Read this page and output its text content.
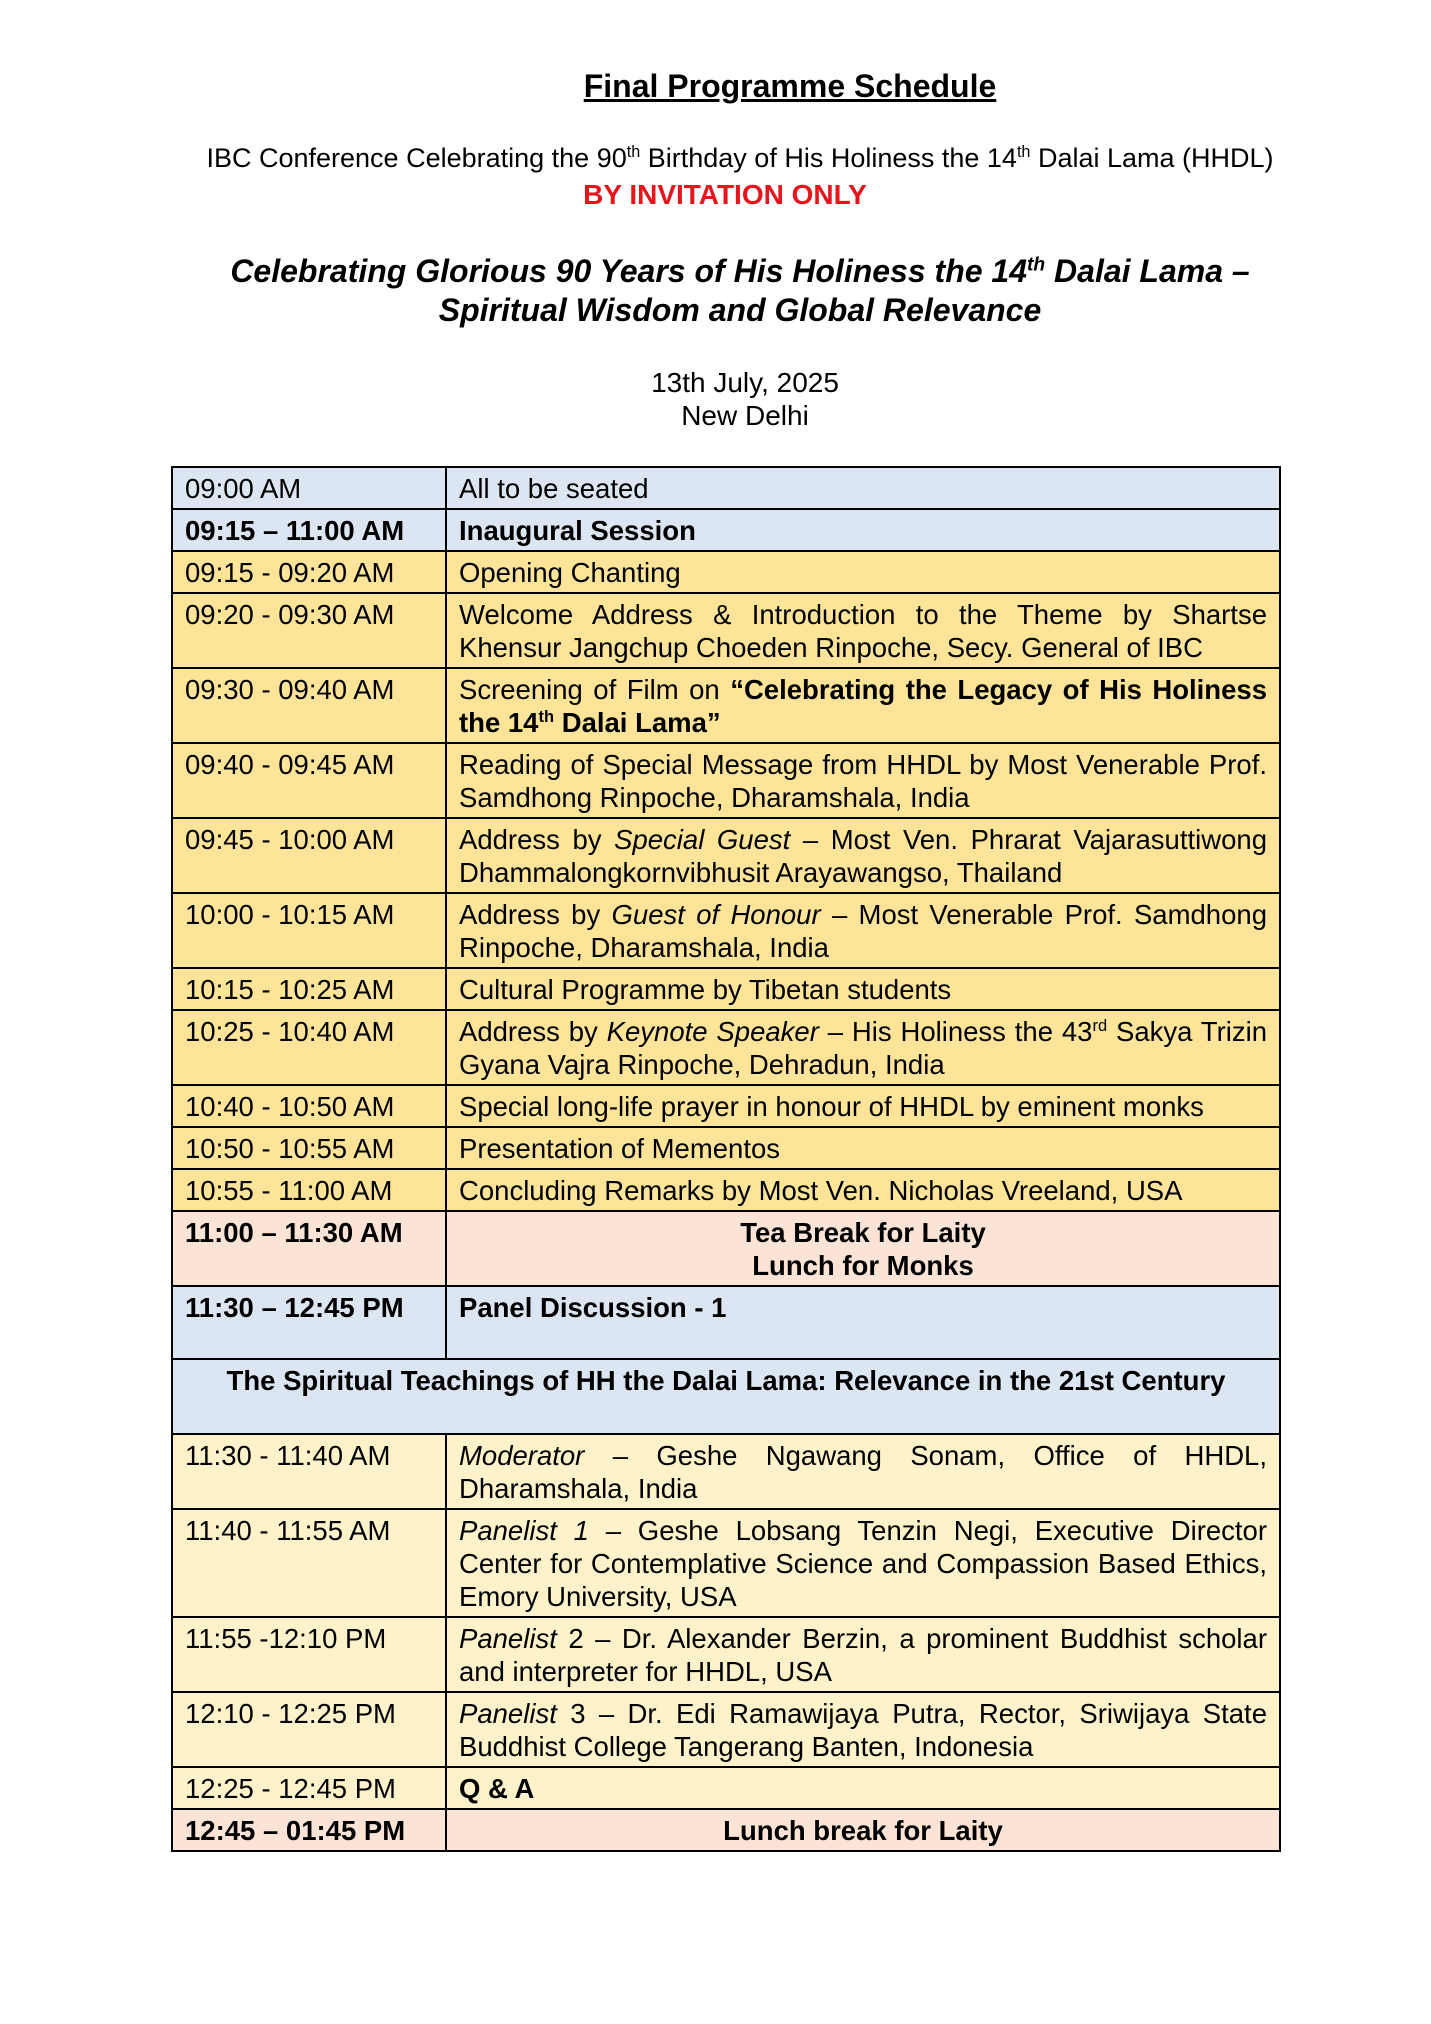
Final Programme Schedule
IBC Conference Celebrating the 90th Birthday of His Holiness the 14th Dalai Lama (HHDL)
BY INVITATION ONLY
Celebrating Glorious 90 Years of His Holiness the 14th Dalai Lama –
Spiritual Wisdom and Global Relevance
13th July, 2025
New Delhi
09:00 AM	All to be seated
09:15 – 11:00 AM	Inaugural Session
09:15 - 09:20 AM	Opening Chanting
09:20 - 09:30 AM	Welcome Address & Introduction to the Theme by Shartse Khensur Jangchup Choeden Rinpoche, Secy. General of IBC
09:30 - 09:40 AM	Screening of Film on “Celebrating the Legacy of His Holiness the 14th Dalai Lama”
09:40 - 09:45 AM	Reading of Special Message from HHDL by Most Venerable Prof. Samdhong Rinpoche, Dharamshala, India
09:45 - 10:00 AM	Address by Special Guest – Most Ven. Phrarat Vajarasuttiwong Dhammalongkornvibhusit Arayawangso, Thailand
10:00 - 10:15 AM	Address by Guest of Honour – Most Venerable Prof. Samdhong Rinpoche, Dharamshala, India
10:15 - 10:25 AM	Cultural Programme by Tibetan students
10:25 - 10:40 AM	Address by Keynote Speaker – His Holiness the 43rd Sakya Trizin Gyana Vajra Rinpoche, Dehradun, India
10:40 - 10:50 AM	Special long-life prayer in honour of HHDL by eminent monks
10:50 - 10:55 AM	Presentation of Mementos
10:55 - 11:00 AM	Concluding Remarks by Most Ven. Nicholas Vreeland, USA
11:00 – 11:30 AM	Tea Break for Laity
Lunch for Monks

11:30 – 12:45 PM	Panel Discussion - 1
The Spiritual Teachings of HH the Dalai Lama: Relevance in the 21st Century	
11:30 - 11:40 AM	Moderator – Geshe Ngawang Sonam, Office of HHDL, Dharamshala, India
11:40 - 11:55 AM	Panelist 1 – Geshe Lobsang Tenzin Negi, Executive Director Center for Contemplative Science and Compassion Based Ethics, Emory University, USA
11:55 -12:10 PM	Panelist 2 – Dr. Alexander Berzin, a prominent Buddhist scholar and interpreter for HHDL, USA
12:10 - 12:25 PM	Panelist 3 – Dr. Edi Ramawijaya Putra, Rector, Sriwijaya State Buddhist College Tangerang Banten, Indonesia
12:25 - 12:45 PM	Q & A
12:45 – 01:45 PM	Lunch break for Laity
